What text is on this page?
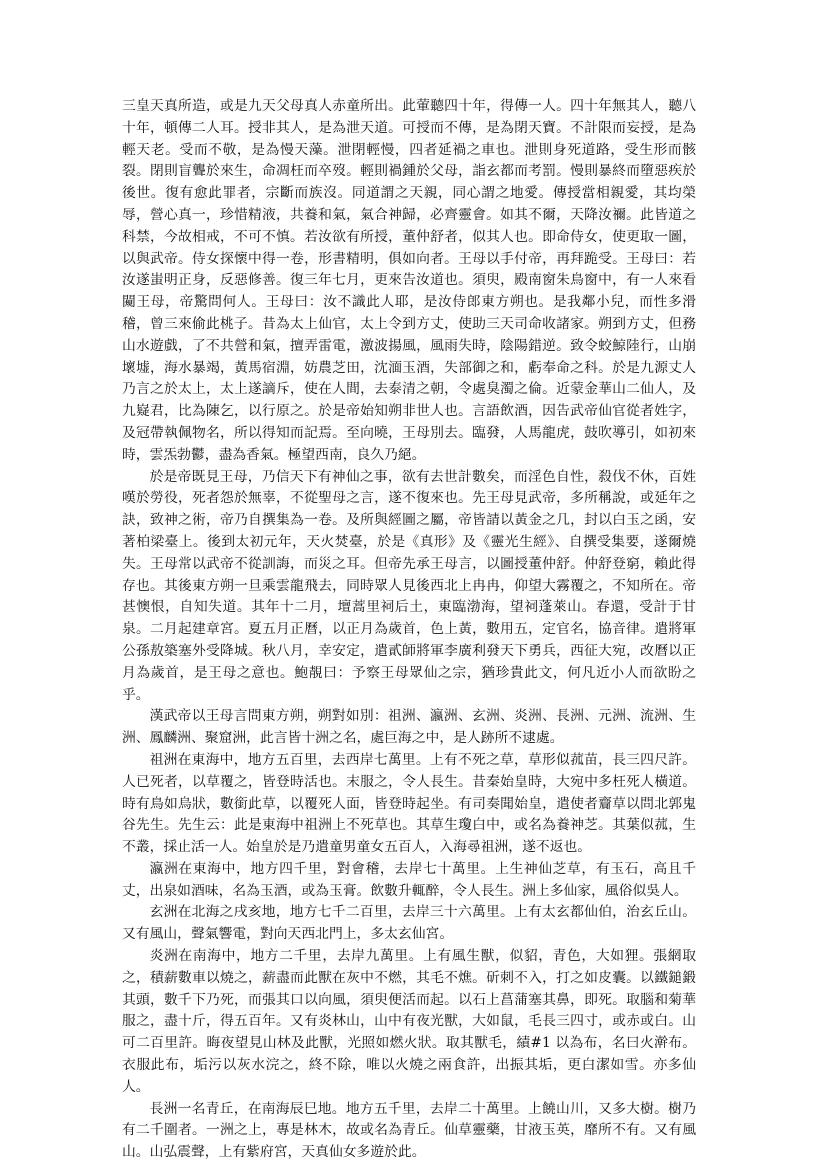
三皇天真所造，或是九天父母真人赤童所出。此葷聽四十年，得傳一人。四十年無其人，聽八十年，頓傳二人耳。授非其人，是為泄天道。可授而不傳，是為閉天寶。不計限而妄授，是為輕天老。受而不敬，是為慢天藻。泄閉輕慢，四者延禍之車也。泄則身死道路，受生形而骸裂。閉則盲聾於來生，命凋枉而卒歿。輕則禍鍾於父母，詣玄都而考罰。慢則暴終而墮惡疾於後世。復有愈此罪者，宗斷而族沒。同道謂之天親，同心謂之地愛。傳授當相親愛，其均榮辱，營心真一，珍惜精液，共養和氣，氣合神歸，必齊靈會。如其不爾，天降汝禰。此皆道之科禁，今故相戒，不可不慎。若汝欲有所授，董仲舒者，似其人也。即命侍女，使更取一圖，以與武帝。侍女探懷中得一卷，形書精明，俱如向者。王母以手付帝，再拜跪受。王母曰：若汝遂蚩明正身，反惡修善。復三年七月，更來告汝道也。須臾，殿南窗朱鳥窗中，有一人來看闚王母，帝驚問何人。王母曰：汝不識此人耶，是汝侍郎東方朔也。是我鄰小兒，而性多滑稽，曾三來偷此桃子。昔為太上仙官，太上令到方丈，使助三天司命收諸家。朔到方丈，但務山水遊戲，了不共營和氣，擅弄雷電，激波揚風，風雨失時，陰陽錯逆。致令蛟鯨陸行，山崩壞墟，海水暴竭，黃馬宿淵，妨農芝田，沈湎玉酒，失部御之和，虧奉命之科。於是九源丈人乃言之於太上，太上遂謫斥，使在人間，去泰清之朝，令處臭濁之倫。近蒙金華山二仙人，及九嶷君，比為陳乞，以行原之。於是帝始知朔非世人也。言語飲酒，因告武帝仙官從者姓字，及冠帶執佩物名，所以得知而記焉。至向曉，王母別去。臨發，人馬龍虎，鼓吹導引，如初來時，雲炁勃鬱，盡為香氣。極望西南，良久乃絕。

於是帝既見王母，乃信天下有神仙之事，欲有去世計數矣，而淫色自性，殺伐不休，百姓嘆於勞役，死者怨於無辜，不從聖母之言，遂不復來也。先王母見武帝，多所稱說，或延年之訣，致神之術，帝乃自撰集為一卷。及所與經圖之屬，帝皆請以黃金之几，封以白玉之函，安著柏梁臺上。後到太初元年，天火焚臺，於是《真形》及《靈光生經》、自撰受集要，遂爾燒失。王母常以武帝不從訓誨，而災之耳。但帝先承王母言，以圖授董仲舒。仲舒登窮，賴此得存也。其後東方朔一旦乘雲龍飛去，同時眾人見後西北上冉冉，仰望大霧覆之，不知所在。帝甚懊恨，自知失道。其年十二月，壇蒿里祠后土，東臨渤海，望祠蓬萊山。春還，受計于甘泉。二月起建章宮。夏五月正曆，以正月為歲首，色上黃，數用五，定官名，協音律。遣將軍公孫敖築塞外受降城。秋八月，幸安定，遣貳師將軍李廣利發天下勇兵，西征大宛，改曆以正月為歲首，是王母之意也。鮑靚曰：予察王母眾仙之宗，猶珍貴此文，何凡近小人而欲盼之乎。

漢武帝以王母言問東方朔，朔對如別：祖洲、瀛洲、玄洲、炎洲、長洲、元洲、流洲、生洲、鳳麟洲、聚窟洲，此言皆十洲之名，處巨海之中，是人跡所不逮處。

祖洲在東海中，地方五百里，去西岸七萬里。上有不死之草，草形似菰苗，長三四尺許。人已死者，以草覆之，皆登時活也。末服之，令人長生。昔秦始皇時，大宛中多枉死人橫道。時有鳥如烏狀，數銜此草，以覆死人面，皆登時起坐。有司奏聞始皇，遣使者齎草以問北郭鬼谷先生。先生云：此是東海中祖洲上不死草也。其草生瓊白中，或名為養神芝。其葉似菰，生不叢，採止活一人。始皇於是乃遣童男童女五百人，入海尋祖洲，遂不返也。

瀛洲在東海中，地方四千里，對會稽，去岸七十萬里。上生神仙芝草，有玉石，高且千丈，出泉如酒味，名為玉酒，或為玉膏。飲數升輒醉，令人長生。洲上多仙家，風俗似吳人。

玄洲在北海之戌亥地，地方七千二百里，去岸三十六萬里。上有太玄都仙伯，治玄丘山。又有風山，聲氣響電，對向天西北門上，多太玄仙宮。

炎洲在南海中，地方二千里，去岸九萬里。上有風生獸，似貂，青色，大如狸。張網取之，積薪數車以燒之，薪盡而此獸在灰中不燃，其毛不燋。斫刺不入，打之如皮囊。以鐵鎚鍛其頭，數千下乃死，而張其口以向風，須臾便活而起。以石上菖蒲塞其鼻，即死。取腦和菊華服之，盡十斤，得五百年。又有炎林山，山中有夜光獸，大如鼠，毛長三四寸，或赤或白。山可二百里許。晦夜望見山林及此獸，光照如燃火狀。取其獸毛，績#1 以為布，名曰火澣布。衣服此布，垢污以灰水浣之，終不除，唯以火燒之兩食許，出振其垢，更白潔如雪。亦多仙人。

長洲一名青丘，在南海辰巳地。地方五千里，去岸二十萬里。上饒山川，又多大樹。樹乃有二千圍者。一洲之上，專是林木，故或名為青丘。仙草靈藥，甘液玉英，靡所不有。又有風山。山弘震聲，上有紫府宮，天真仙女多遊於此。
